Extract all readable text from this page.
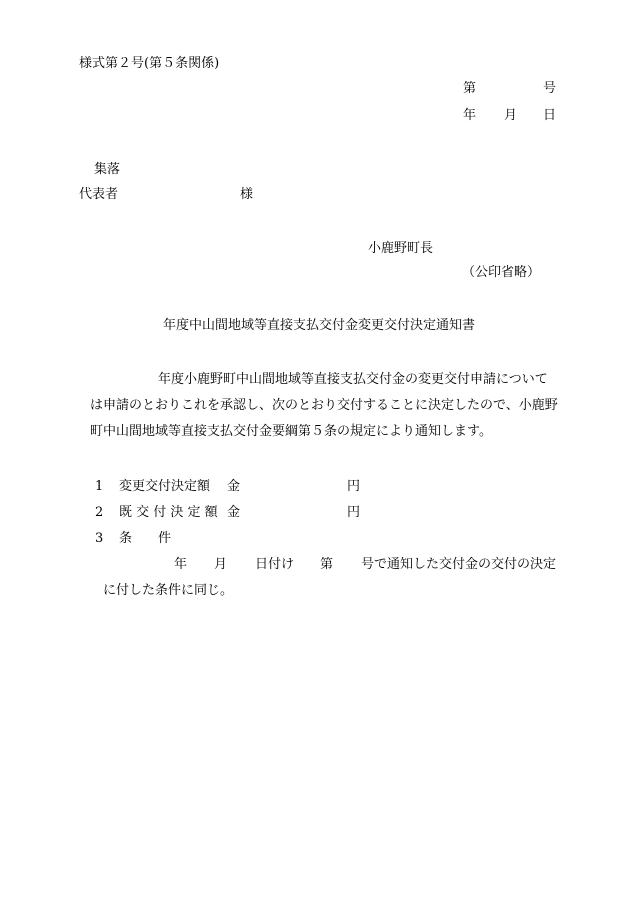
様式第２号(第５条関係)
第	号
年 月 日
集落
代表者	様
小鹿野町長
（公印省略）
年度中山間地域等直接支払交付金変更交付決定通知書
年度小鹿野町中山間地域等直接支払交付金の変更交付申請について
は申請のとおりこれを承認し、次のとおり交付することに決定したので、小鹿野
町中山間地域等直接支払交付金要綱第５条の規定により通知します。
1 変更交付決定額 金	円
2 既 交 付 決 定 額 金	円
3 条　　件
年 月 日付け 第 号で通知した交付金の交付の決定
に付した条件に同じ。
